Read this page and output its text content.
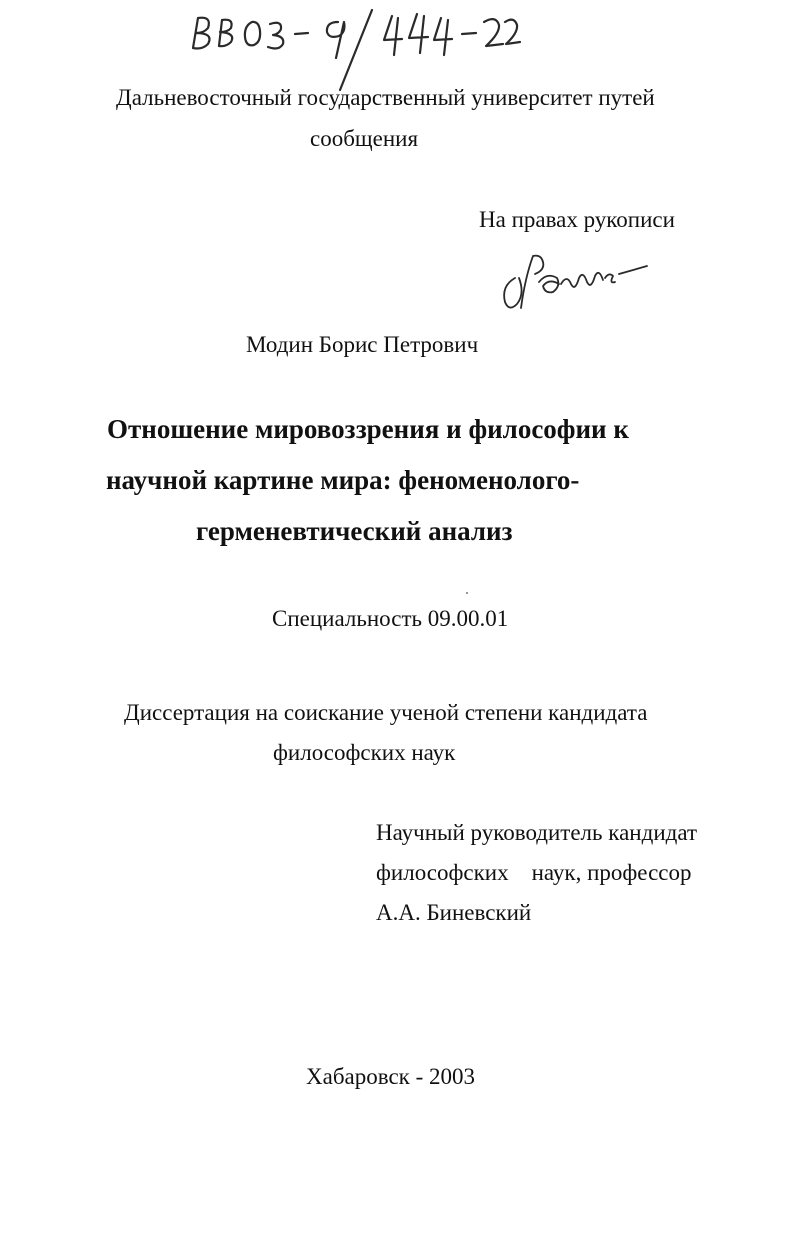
Дальневосточный государственный университет путей
сообщения
На правах рукописи
Модин Борис Петрович
Отношение мировоззрения и философии к
научной картине мира: феноменолого-
герменевтический анализ
Специальность 09.00.01
Диссертация на соискание ученой степени кандидата
философских наук
Научный руководитель кандидат
философских    наук, профессор
А.А. Биневский
Хабаровск - 2003
